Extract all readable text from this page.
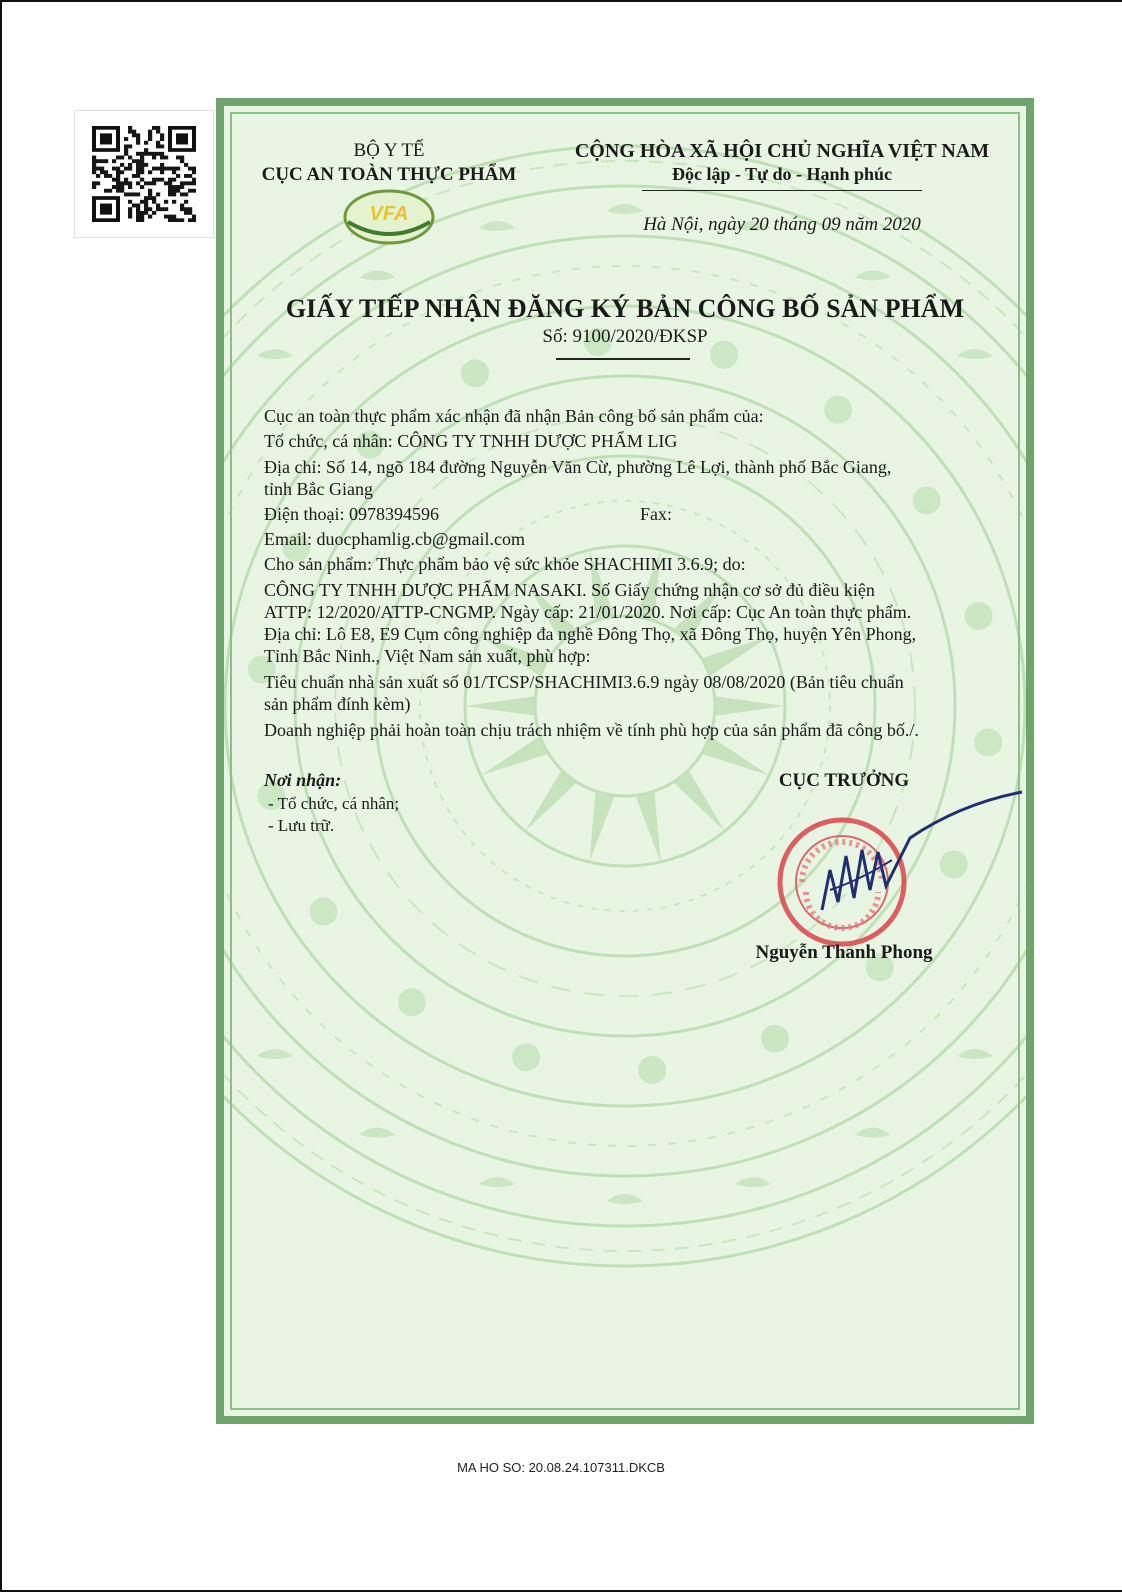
BỘ Y TẾ
CỤC AN TOÀN THỰC PHẨM
VFA
CỘNG HÒA XÃ HỘI CHỦ NGHĨA VIỆT NAM
Độc lập - Tự do - Hạnh phúc
Hà Nội, ngày 20 tháng 09 năm 2020
GIẤY TIẾP NHẬN ĐĂNG KÝ BẢN CÔNG BỐ SẢN PHẨM
Số: 9100/2020/ĐKSP
Cục an toàn thực phẩm xác nhận đã nhận Bản công bố sản phẩm của:
Tổ chức, cá nhân: CÔNG TY TNHH DƯỢC PHẨM LIG
Địa chỉ: Số 14, ngõ 184 đường Nguyễn Văn Cừ, phường Lê Lợi, thành phố Bắc Giang,
tỉnh Bắc Giang
Điện thoại: 0978394596	Fax:
Email: duocphamlig.cb@gmail.com
Cho sản phẩm: Thực phẩm bảo vệ sức khỏe SHACHIMI 3.6.9; do:
CÔNG TY TNHH DƯỢC PHẨM NASAKI. Số Giấy chứng nhận cơ sở đủ điều kiện
ATTP: 12/2020/ATTP-CNGMP. Ngày cấp: 21/01/2020. Nơi cấp: Cục An toàn thực phẩm.
Địa chỉ: Lô E8, E9 Cụm công nghiệp đa nghề Đông Thọ, xã Đông Thọ, huyện Yên Phong,
Tỉnh Bắc Ninh., Việt Nam sản xuất, phù hợp:
Tiêu chuẩn nhà sản xuất số 01/TCSP/SHACHIMI3.6.9 ngày 08/08/2020 (Bản tiêu chuẩn
sản phẩm đính kèm)
Doanh nghiệp phải hoàn toàn chịu trách nhiệm về tính phù hợp của sản phẩm đã công bố./.
Nơi nhận:
- Tổ chức, cá nhân;
- Lưu trữ.
CỤC TRƯỞNG
Nguyễn Thanh Phong
MA HO SO: 20.08.24.107311.DKCB
